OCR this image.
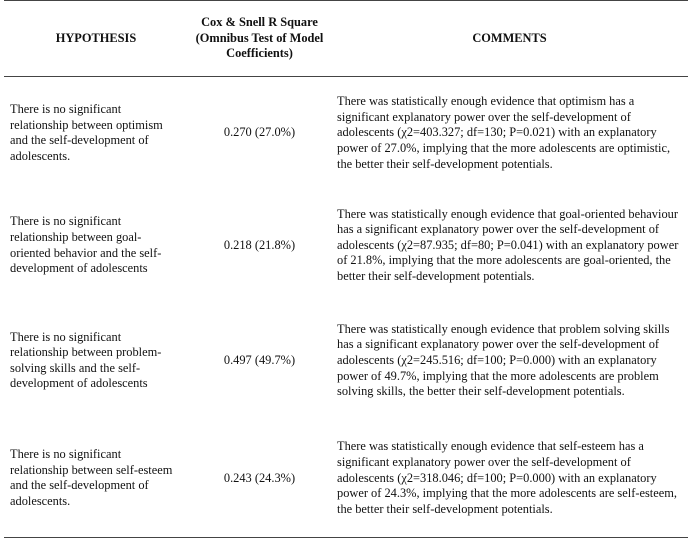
HYPOTHESIS	Cox & Snell R Square (Omnibus Test of Model Coefficients)	COMMENTS
There is no significant relationship between optimism and the self-development of adolescents.	0.270 (27.0%)	There was statistically enough evidence that optimism has a significant explanatory power over the self-development of adolescents (χ2=403.327; df=130; P=0.021) with an explanatory power of 27.0%, implying that the more adolescents are optimistic, the better their self-development potentials.
There is no significant relationship between goal-oriented behavior and the self-development of adolescents	0.218 (21.8%)	There was statistically enough evidence that goal-oriented behaviour has a significant explanatory power over the self-development of adolescents (χ2=87.935; df=80; P=0.041) with an explanatory power of 21.8%, implying that the more adolescents are goal-oriented, the better their self-development potentials.
There is no significant relationship between problem-solving skills and the self-development of adolescents	0.497 (49.7%)	There was statistically enough evidence that problem solving skills has a significant explanatory power over the self-development of adolescents (χ2=245.516; df=100; P=0.000) with an explanatory power of 49.7%, implying that the more adolescents are problem solving skills, the better their self-development potentials.
There is no significant relationship between self-esteem and the self-development of adolescents.	0.243 (24.3%)	There was statistically enough evidence that self-esteem has a significant explanatory power over the self-development of adolescents (χ2=318.046; df=100; P=0.000) with an explanatory power of 24.3%, implying that the more adolescents are self-esteem, the better their self-development potentials.
